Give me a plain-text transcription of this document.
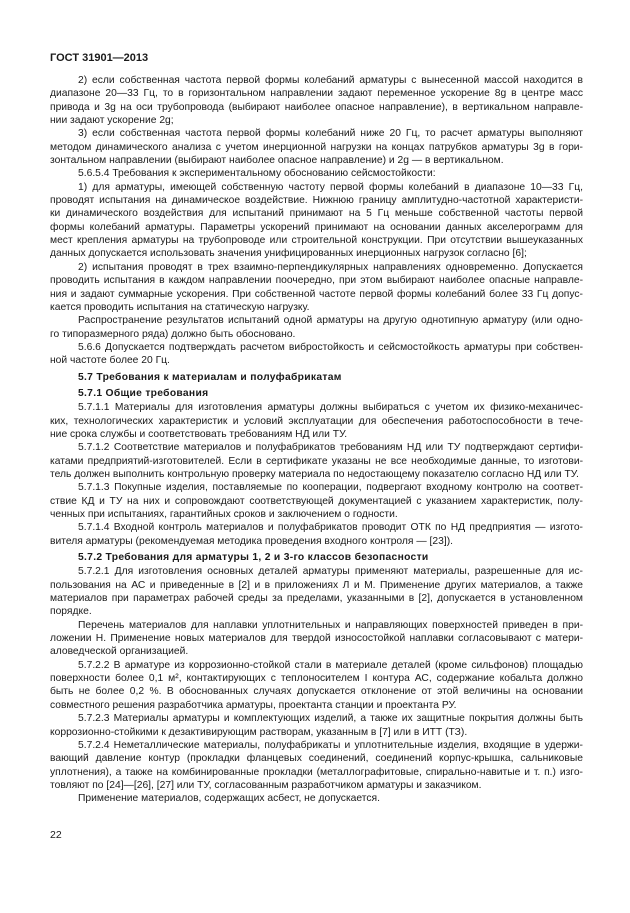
ГОСТ 31901—2013
2) если собственная частота первой формы колебаний арматуры с вынесенной массой находится в
диапазоне 20—33 Гц, то в горизонтальном направлении задают переменное ускорение 8g в центре масс
привода и 3g на оси трубопровода (выбирают наиболее опасное направление), в вертикальном направле-
нии задают ускорение 2g;
3) если собственная частота первой формы колебаний ниже 20 Гц, то расчет арматуры выполняют
методом динамического анализа с учетом инерционной нагрузки на концах патрубков арматуры 3g в гори-
зонтальном направлении (выбирают наиболее опасное направление) и 2g — в вертикальном.
5.6.5.4 Требования к экспериментальному обоснованию сейсмостойкости:
1) для арматуры, имеющей собственную частоту первой формы колебаний в диапазоне 10—33 Гц,
проводят испытания на динамическое воздействие. Нижнюю границу амплитудно-частотной характеристи-
ки динамического воздействия для испытаний принимают на 5 Гц меньше собственной частоты первой
формы колебаний арматуры. Параметры ускорений принимают на основании данных акселерограмм для
мест крепления арматуры на трубопроводе или строительной конструкции. При отсутствии вышеуказанных
данных допускается использовать значения унифицированных инерционных нагрузок согласно [6];
2) испытания проводят в трех взаимно-перпендикулярных направлениях одновременно. Допускается
проводить испытания в каждом направлении поочередно, при этом выбирают наиболее опасные направле-
ния и задают суммарные ускорения. При собственной частоте первой формы колебаний более 33 Гц допус-
кается проводить испытания на статическую нагрузку.
Распространение результатов испытаний одной арматуры на другую однотипную арматуру (или одно-
го типоразмерного ряда) должно быть обосновано.
5.6.6 Допускается подтверждать расчетом вибростойкость и сейсмостойкость арматуры при собствен-
ной частоте более 20 Гц.
5.7 Требования к материалам и полуфабрикатам
5.7.1 Общие требования
5.7.1.1 Материалы для изготовления арматуры должны выбираться с учетом их физико-механичес-
ких, технологических характеристик и условий эксплуатации для обеспечения работоспособности в тече-
ние срока службы и соответствовать требованиям НД или ТУ.
5.7.1.2 Соответствие материалов и полуфабрикатов требованиям НД или ТУ подтверждают сертифи-
катами предприятий-изготовителей. Если в сертификате указаны не все необходимые данные, то изготови-
тель должен выполнить контрольную проверку материала по недостающему показателю согласно НД или ТУ.
5.7.1.3 Покупные изделия, поставляемые по кооперации, подвергают входному контролю на соответ-
ствие КД и ТУ на них и сопровождают соответствующей документацией с указанием характеристик, полу-
ченных при испытаниях, гарантийных сроков и заключением о годности.
5.7.1.4 Входной контроль материалов и полуфабрикатов проводит ОТК по НД предприятия — изгото-
вителя арматуры (рекомендуемая методика проведения входного контроля — [23]).
5.7.2 Требования для арматуры 1, 2 и 3-го классов безопасности
5.7.2.1 Для изготовления основных деталей арматуры применяют материалы, разрешенные для ис-
пользования на АС и приведенные в [2] и в приложениях Л и М. Применение других материалов, а также
материалов при параметрах рабочей среды за пределами, указанными в [2], допускается в установленном
порядке.
Перечень материалов для наплавки уплотнительных и направляющих поверхностей приведен в при-
ложении Н. Применение новых материалов для твердой износостойкой наплавки согласовывают с матери-
аловедческой организацией.
5.7.2.2 В арматуре из коррозионно-стойкой стали в материале деталей (кроме сильфонов) площадью
поверхности более 0,1 м², контактирующих с теплоносителем I контура АС, содержание кобальта должно
быть не более 0,2 %. В обоснованных случаях допускается отклонение от этой величины на основании
совместного решения разработчика арматуры, проектанта станции и проектанта РУ.
5.7.2.3 Материалы арматуры и комплектующих изделий, а также их защитные покрытия должны быть
коррозионно-стойкими к дезактивирующим растворам, указанным в [7] или в ИТТ (ТЗ).
5.7.2.4 Неметаллические материалы, полуфабрикаты и уплотнительные изделия, входящие в удержи-
вающий давление контур (прокладки фланцевых соединений, соединений корпус-крышка, сальниковые
уплотнения), а также на комбинированные прокладки (металлографитовые, спирально-навитые и т. п.) изго-
товляют по [24]—[26], [27] или ТУ, согласованным разработчиком арматуры и заказчиком.
Применение материалов, содержащих асбест, не допускается.
22
